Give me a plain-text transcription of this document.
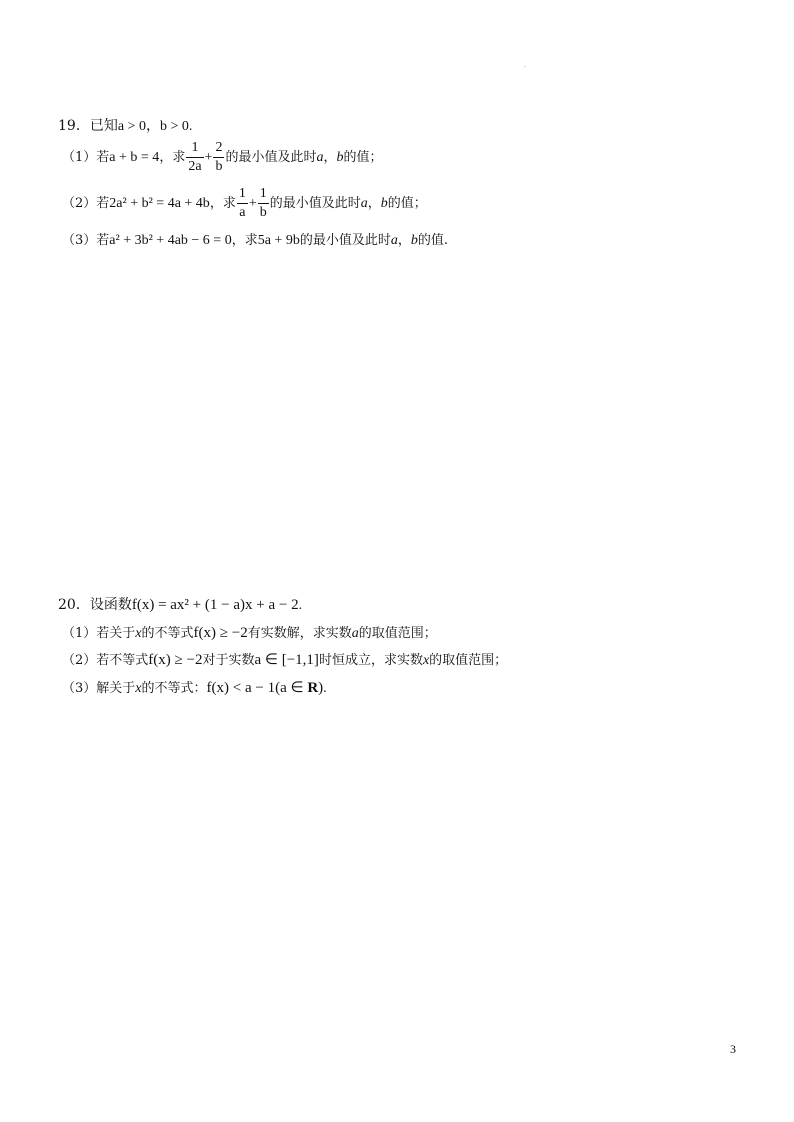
·
19．已知a > 0，b > 0.
（1）若a + b = 4，求 $\frac{1}{2a} + \frac{2}{b}$ 的最小值及此时a，b的值；
（2）若2a² + b² = 4a + 4b，求 $\frac{1}{a} + \frac{1}{b}$ 的最小值及此时a，b的值；
（3）若a² + 3b² + 4ab − 6 = 0，求5a + 9b的最小值及此时a，b的值.
20．设函数f(x) = ax² + (1 − a)x + a − 2.
（1）若关于x的不等式f(x) ≥ −2有实数解，求实数a的取值范围；
（2）若不等式f(x) ≥ −2对于实数a ∈ [−1,1]时恒成立，求实数x的取值范围；
（3）解关于x的不等式：f(x) < a − 1(a ∈ R).
3
